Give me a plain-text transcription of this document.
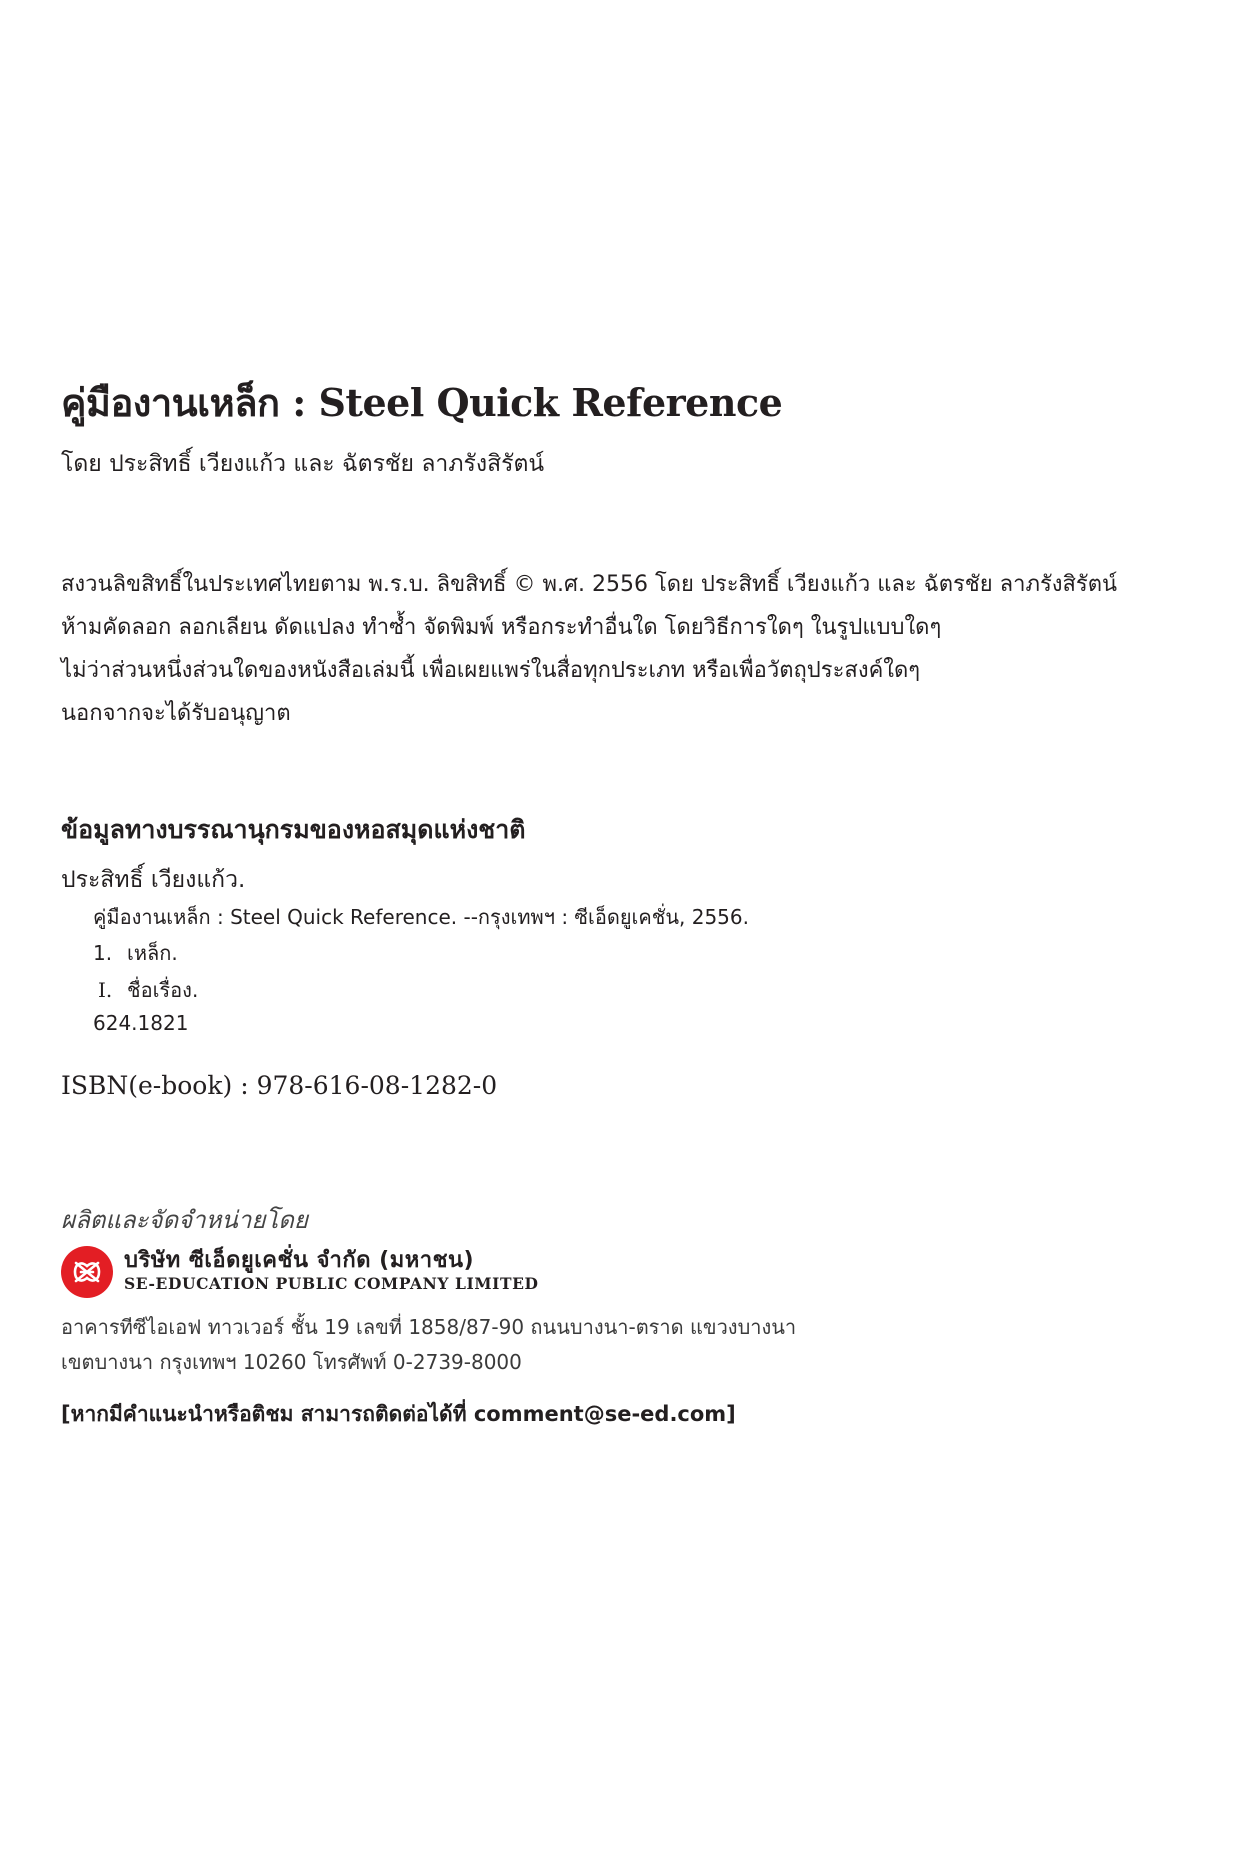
คู่มืองานเหล็ก : Steel Quick Reference
โดย ประสิทธิ์ เวียงแก้ว และ ฉัตรชัย ลาภรังสิรัตน์
สงวนลิขสิทธิ์ในประเทศไทยตาม พ.ร.บ. ลิขสิทธิ์ © พ.ศ. 2556 โดย ประสิทธิ์ เวียงแก้ว และ ฉัตรชัย ลาภรังสิรัตน์
ห้ามคัดลอก ลอกเลียน ดัดแปลง ทำซ้ำ จัดพิมพ์ หรือกระทำอื่นใด โดยวิธีการใดๆ ในรูปแบบใดๆ
ไม่ว่าส่วนหนึ่งส่วนใดของหนังสือเล่มนี้ เพื่อเผยแพร่ในสื่อทุกประเภท หรือเพื่อวัตถุประสงค์ใดๆ
นอกจากจะได้รับอนุญาต
ข้อมูลทางบรรณานุกรมของหอสมุดแห่งชาติ
ประสิทธิ์ เวียงแก้ว.
คู่มืองานเหล็ก : Steel Quick Reference. --กรุงเทพฯ : ซีเอ็ดยูเคชั่น, 2556.
1. เหล็ก.
I. ชื่อเรื่อง.
624.1821
ISBN(e-book) : 978-616-08-1282-0
ผลิตและจัดจำหน่ายโดย
บริษัท ซีเอ็ดยูเคชั่น จำกัด (มหาชน)
SE-EDUCATION PUBLIC COMPANY LIMITED
อาคารทีซีไอเอฟ ทาวเวอร์ ชั้น 19 เลขที่ 1858/87-90 ถนนบางนา-ตราด แขวงบางนา
เขตบางนา กรุงเทพฯ 10260 โทรศัพท์ 0-2739-8000
[หากมีคำแนะนำหรือติชม สามารถติดต่อได้ที่ comment@se-ed.com]
